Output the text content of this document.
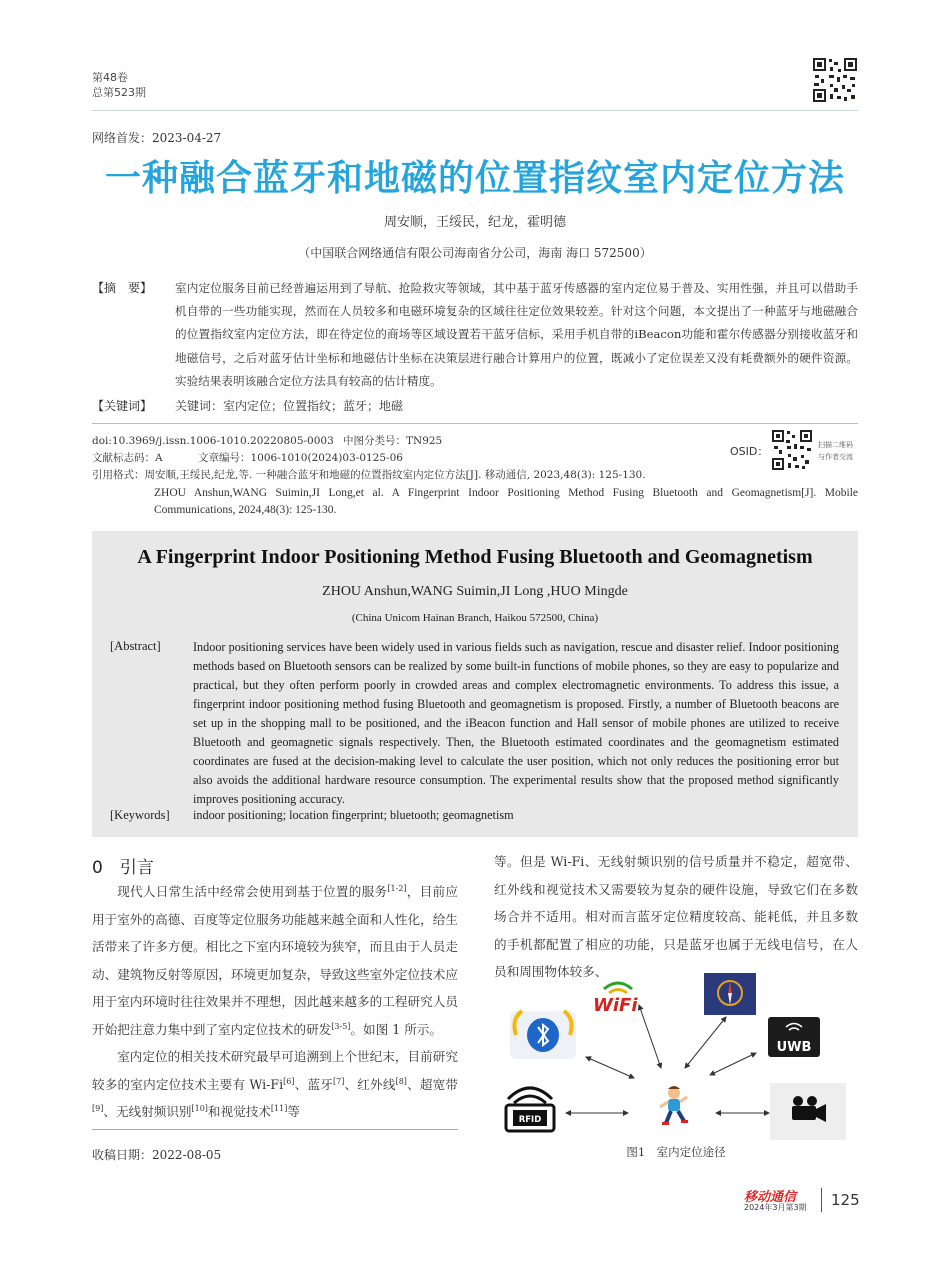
第48卷
总第523期
网络首发：2023-04-27
一种融合蓝牙和地磁的位置指纹室内定位方法
周安顺，王绥民，纪龙，霍明德
（中国联合网络通信有限公司海南省分公司，海南 海口 572500）
【摘　要】 室内定位服务目前已经普遍运用到了导航、抢险救灾等领域，其中基于蓝牙传感器的室内定位易于普及、实用性强，并且可以借助手机自带的一些功能实现，然而在人员较多和电磁环境复杂的区域往往定位效果较差。针对这个问题，本文提出了一种蓝牙与地磁融合的位置指纹室内定位方法，即在待定位的商场等区域设置若干蓝牙信标，采用手机自带的iBeacon功能和霍尔传感器分别接收蓝牙和地磁信号，之后对蓝牙估计坐标和地磁估计坐标在决策层进行融合计算用户的位置，既减小了定位误差又没有耗费额外的硬件资源。实验结果表明该融合定位方法具有较高的估计精度。
【关键词】 关键词：室内定位；位置指纹；蓝牙；地磁
doi:10.3969/j.issn.1006-1010.20220805-0003 中图分类号：TN925
文献标志码：A	文章编号：1006-1010(2024)03-0125-06
引用格式：周安顺,王绥民,纪龙,等. 一种融合蓝牙和地磁的位置指纹室内定位方法[J]. 移动通信, 2023,48(3): 125-130.
ZHOU Anshun,WANG Suimin,JI Long,et al. A Fingerprint Indoor Positioning Method Fusing Bluetooth and Geomagnetism[J]. Mobile Communications, 2024,48(3): 125-130.
OSID：	扫描二维码
与作者交流
A Fingerprint Indoor Positioning Method Fusing Bluetooth and Geomagnetism
ZHOU Anshun,WANG Suimin,JI Long ,HUO Mingde
(China Unicom Hainan Branch, Haikou 572500, China)
[Abstract]	Indoor positioning services have been widely used in various fields such as navigation, rescue and disaster relief. Indoor positioning methods based on Bluetooth sensors can be realized by some built-in functions of mobile phones, so they are easy to popularize and practical, but they often perform poorly in crowded areas and complex electromagnetic environments. To address this issue, a fingerprint indoor positioning method fusing Bluetooth and geomagnetism is proposed. Firstly, a number of Bluetooth beacons are set up in the shopping mall to be positioned, and the iBeacon function and Hall sensor of mobile phones are utilized to receive Bluetooth and geomagnetic signals respectively. Then, the Bluetooth estimated coordinates and the geomagnetism estimated coordinates are fused at the decision-making level to calculate the user position, which not only reduces the positioning error but also avoids the additional hardware resource consumption. The experimental results show that the proposed method significantly improves positioning accuracy.
[Keywords] indoor positioning; location fingerprint; bluetooth; geomagnetism
0　引言

现代人日常生活中经常会使用到基于位置的服务[1-2]，目前应用于室外的高德、百度等定位服务功能越来越全面和人性化，给生活带来了许多方便。相比之下室内环境较为狭窄，而且由于人员走动、建筑物反射等原因，环境更加复杂，导致这些室外定位技术应用于室内环境时往往效果并不理想，因此越来越多的工程研究人员开始把注意力集中到了室内定位技术的研发[3-5]。如图 1 所示。

室内定位的相关技术研究最早可追溯到上个世纪末，目前研究较多的室内定位技术主要有 Wi-Fi[6]、蓝牙[7]、红外线[8]、超宽带[9]、无线射频识别[10]和视觉技术[11]等

等。但是 Wi-Fi、无线射频识别的信号质量并不稳定，超宽带、红外线和视觉技术又需要较为复杂的硬件设施，导致它们在多数场合并不适用。相对而言蓝牙定位精度较高、能耗低，并且多数的手机都配置了相应的功能，只是蓝牙也属于无线电信号，在人员和周围物体较多、
WiFi
UWB
RFID
图1　室内定位途径
收稿日期：2022-08-05
移动通信
2024年3月第3期 125
